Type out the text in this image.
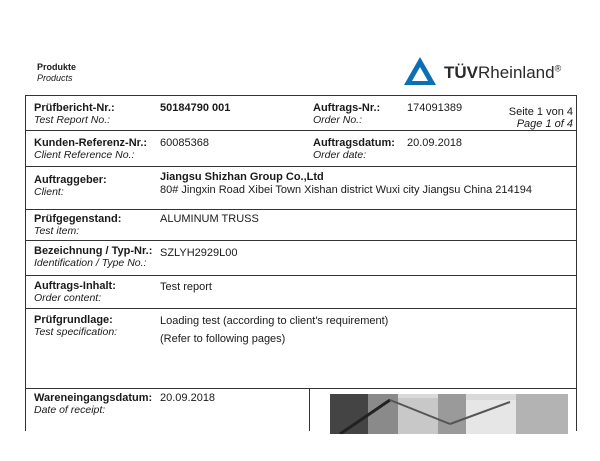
Produkte
Products	TÜVRheinland®
Prüfbericht-Nr.:
Test Report No.:
50184790 001	Auftrags-Nr.:
Order No.:
174091389	Seite 1 von 4
Page 1 of 4
Kunden-Referenz-Nr.:
Client Reference No.:
60085368	Auftragsdatum:
Order date:
20.09.2018
Auftraggeber:
Client:
Jiangsu Shizhan Group Co.,Ltd
80# Jingxin Road Xibei Town Xishan district Wuxi city Jiangsu China 214194
Prüfgegenstand:
Test item:
ALUMINUM TRUSS
Bezeichnung / Typ-Nr.:
Identification / Type No.:
SZLYH2929L00
Auftrags-Inhalt:
Order content:
Test report
Prüfgrundlage:
Test specification:
Loading test (according to client's requirement)
(Refer to following pages)
Wareneingangsdatum:
Date of receipt:
20.09.2018
